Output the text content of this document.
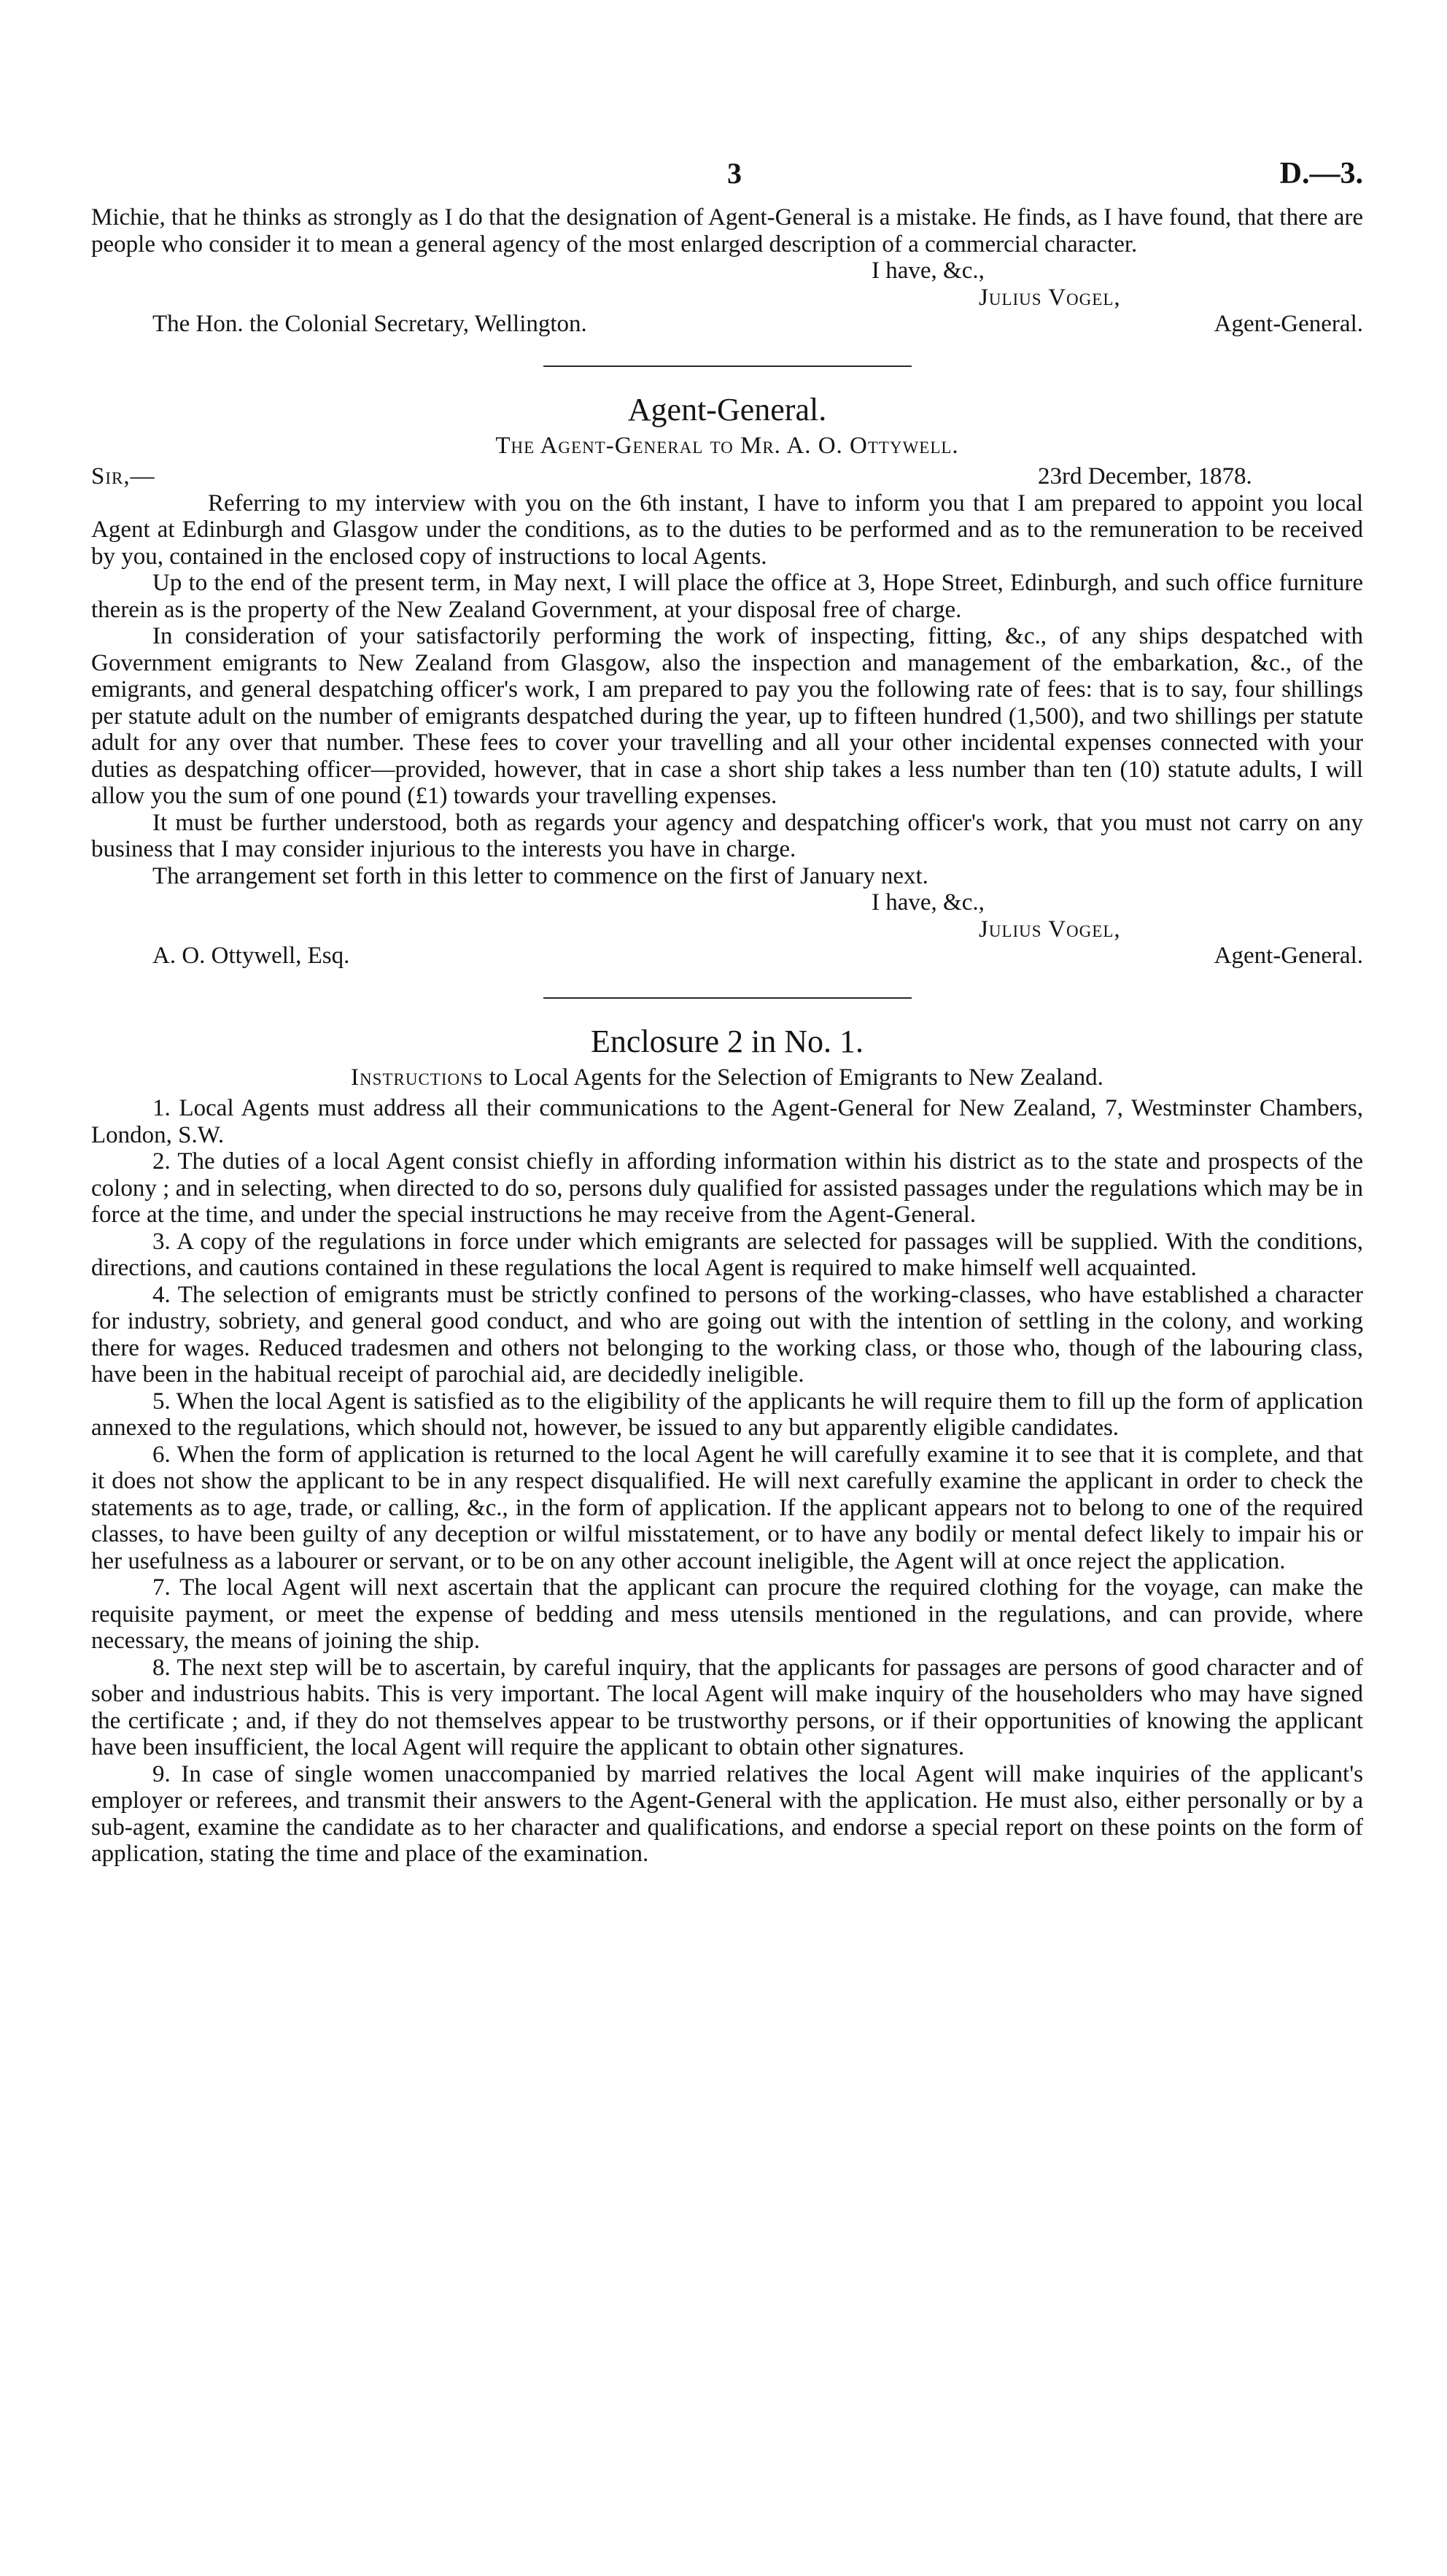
3	D.—3.

Michie, that he thinks as strongly as I do that the designation of Agent-General is a mistake. He finds, as I have found, that there are people who consider it to mean a general agency of the most enlarged description of a commercial character.

I have, &c.,
Julius Vogel,
The Hon. the Colonial Secretary, Wellington.	Agent-General.
Agent-General.
The Agent-General to Mr. A. O. Ottywell.
Sir,—	23rd December, 1878.

Referring to my interview with you on the 6th instant, I have to inform you that I am prepared to appoint you local Agent at Edinburgh and Glasgow under the conditions, as to the duties to be performed and as to the remuneration to be received by you, contained in the enclosed copy of instructions to local Agents.

Up to the end of the present term, in May next, I will place the office at 3, Hope Street, Edinburgh, and such office furniture therein as is the property of the New Zealand Government, at your disposal free of charge.

In consideration of your satisfactorily performing the work of inspecting, fitting, &c., of any ships despatched with Government emigrants to New Zealand from Glasgow, also the inspection and management of the embarkation, &c., of the emigrants, and general despatching officer's work, I am prepared to pay you the following rate of fees: that is to say, four shillings per statute adult on the number of emigrants despatched during the year, up to fifteen hundred (1,500), and two shillings per statute adult for any over that number. These fees to cover your travelling and all your other incidental expenses connected with your duties as despatching officer—provided, however, that in case a short ship takes a less number than ten (10) statute adults, I will allow you the sum of one pound (£1) towards your travelling expenses.

It must be further understood, both as regards your agency and despatching officer's work, that you must not carry on any business that I may consider injurious to the interests you have in charge.

The arrangement set forth in this letter to commence on the first of January next.

I have, &c.,
Julius Vogel,
A. O. Ottywell, Esq.	Agent-General.
Enclosure 2 in No. 1.
Instructions to Local Agents for the Selection of Emigrants to New Zealand.

1. Local Agents must address all their communications to the Agent-General for New Zealand, 7, Westminster Chambers, London, S.W.

2. The duties of a local Agent consist chiefly in affording information within his district as to the state and prospects of the colony ; and in selecting, when directed to do so, persons duly qualified for assisted passages under the regulations which may be in force at the time, and under the special instructions he may receive from the Agent-General.

3. A copy of the regulations in force under which emigrants are selected for passages will be supplied. With the conditions, directions, and cautions contained in these regulations the local Agent is required to make himself well acquainted.

4. The selection of emigrants must be strictly confined to persons of the working-classes, who have established a character for industry, sobriety, and general good conduct, and who are going out with the intention of settling in the colony, and working there for wages. Reduced tradesmen and others not belonging to the working class, or those who, though of the labouring class, have been in the habitual receipt of parochial aid, are decidedly ineligible.

5. When the local Agent is satisfied as to the eligibility of the applicants he will require them to fill up the form of application annexed to the regulations, which should not, however, be issued to any but apparently eligible candidates.

6. When the form of application is returned to the local Agent he will carefully examine it to see that it is complete, and that it does not show the applicant to be in any respect disqualified. He will next carefully examine the applicant in order to check the statements as to age, trade, or calling, &c., in the form of application. If the applicant appears not to belong to one of the required classes, to have been guilty of any deception or wilful misstatement, or to have any bodily or mental defect likely to impair his or her usefulness as a labourer or servant, or to be on any other account ineligible, the Agent will at once reject the application.

7. The local Agent will next ascertain that the applicant can procure the required clothing for the voyage, can make the requisite payment, or meet the expense of bedding and mess utensils mentioned in the regulations, and can provide, where necessary, the means of joining the ship.

8. The next step will be to ascertain, by careful inquiry, that the applicants for passages are persons of good character and of sober and industrious habits. This is very important. The local Agent will make inquiry of the householders who may have signed the certificate ; and, if they do not themselves appear to be trustworthy persons, or if their opportunities of knowing the applicant have been insufficient, the local Agent will require the applicant to obtain other signatures.

9. In case of single women unaccompanied by married relatives the local Agent will make inquiries of the applicant's employer or referees, and transmit their answers to the Agent-General with the application. He must also, either personally or by a sub-agent, examine the candidate as to her character and qualifications, and endorse a special report on these points on the form of application, stating the time and place of the examination.
